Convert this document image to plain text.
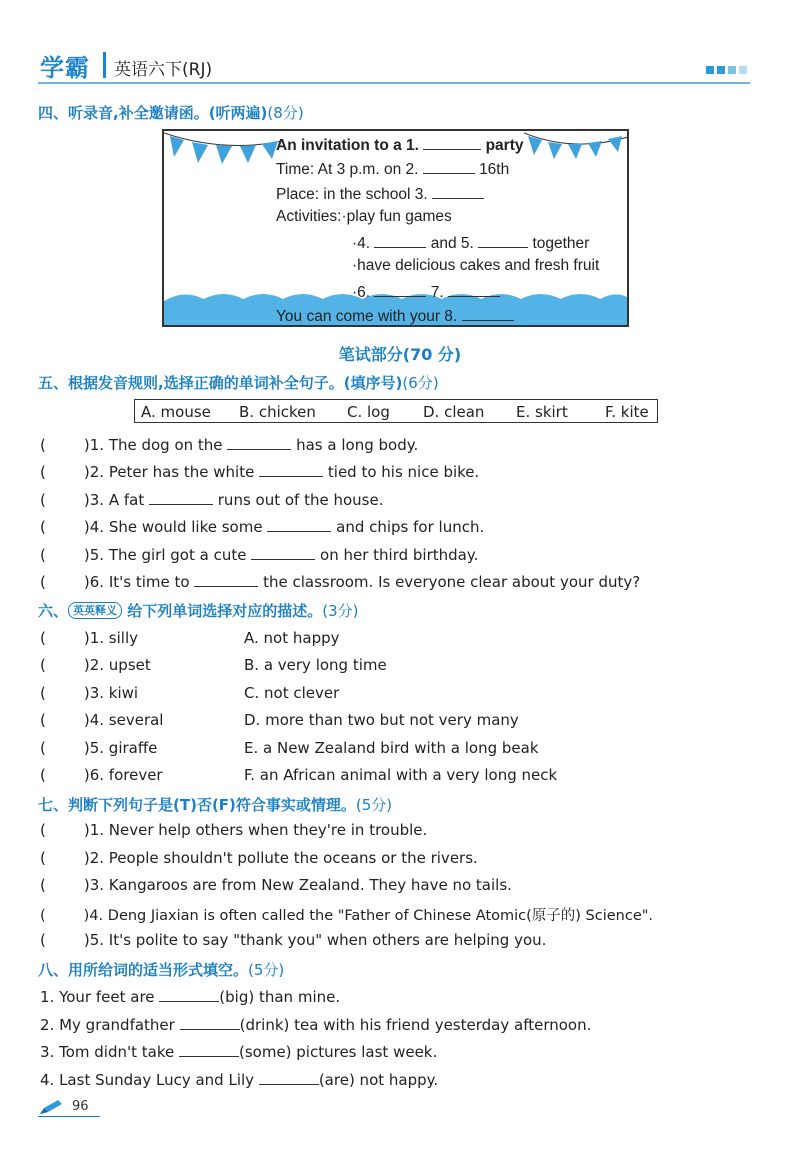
学霸 英语六下(RJ)
四、听录音,补全邀请函。(听两遍)(8分)
An invitation to a 1.	party
Time: At 3 p.m. on 2.	16th
Place: in the school 3.
Activities:·play fun games
·4.	and 5.	together
·have delicious cakes and fresh fruit
·6.	7.
You can come with your 8.
笔试部分(70 分)
五、根据发音规则,选择正确的单词补全句子。(填序号)(6分)
A. mouse B. chicken C. log D. clean E. skirt F. kite
(	)1. The dog on the	has a long body.
(	)2. Peter has the white	tied to his nice bike.
(	)3. A fat	runs out of the house.
(	)4. She would like some	and chips for lunch.
(	)5. The girl got a cute	on her third birthday.
(	)6. It's time to	the classroom. Is everyone clear about your duty?
六、 英英释义 给下列单词选择对应的描述。(3分)
(	)1. silly	A. not happy
(	)2. upset	B. a very long time
(	)3. kiwi	C. not clever
(	)4. several	D. more than two but not very many
(	)5. giraffe	E. a New Zealand bird with a long beak
(	)6. forever	F. an African animal with a very long neck
七、判断下列句子是(T)否(F)符合事实或情理。(5分)
(	)1. Never help others when they're in trouble.
(	)2. People shouldn't pollute the oceans or the rivers.
(	)3. Kangaroos are from New Zealand. They have no tails.
(	)4. Deng Jiaxian is often called the "Father of Chinese Atomic(原子的) Science".
(	)5. It's polite to say "thank you" when others are helping you.
八、用所给词的适当形式填空。(5分)
1. Your feet are	(big) than mine.
2. My grandfather	(drink) tea with his friend yesterday afternoon.
3. Tom didn't take	(some) pictures last week.
4. Last Sunday Lucy and Lily	(are) not happy.
96
